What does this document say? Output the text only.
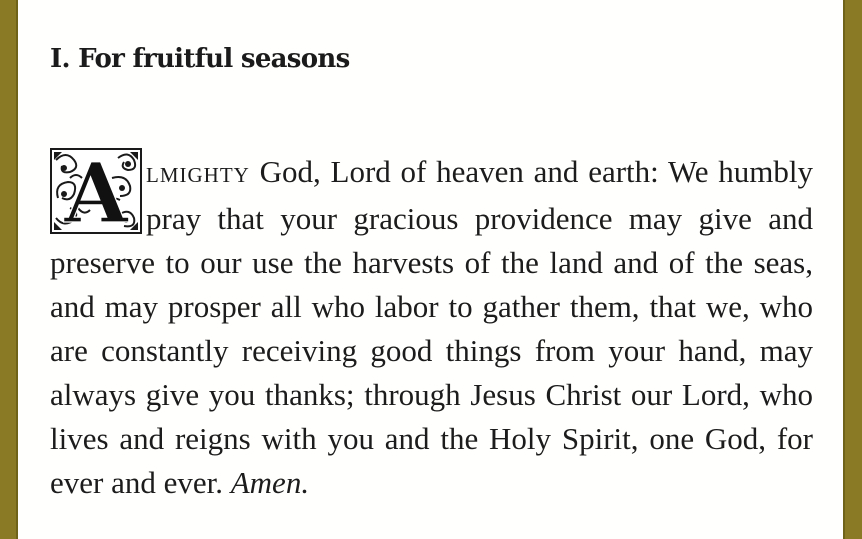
I. For fruitful seasons

A LMIGHTY God, Lord of heaven and earth: We humbly pray that your gracious providence may give and preserve to our use the harvests of the land and of the seas, and may prosper all who labor to gather them, that we, who are constantly receiving good things from your hand, may always give you thanks; through Jesus Christ our Lord, who lives and reigns with you and the Holy Spirit, one God, for ever and ever. Amen.
